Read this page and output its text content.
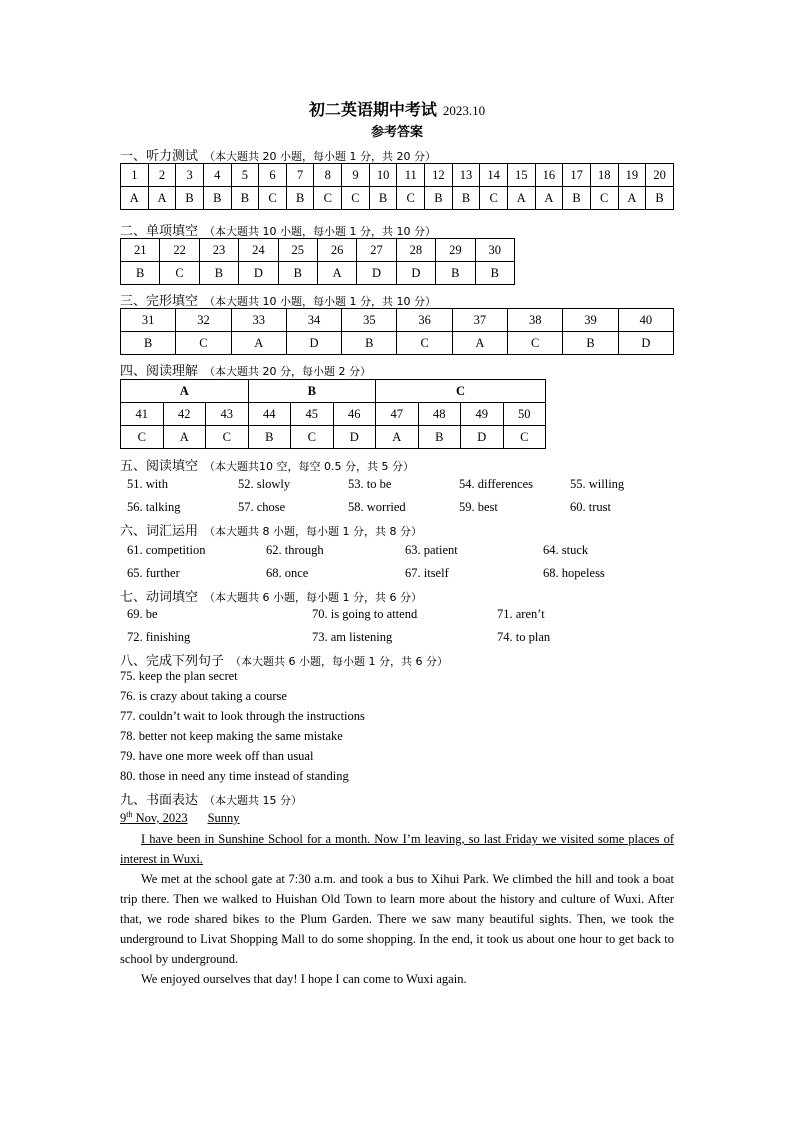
初二英语期中考试 2023.10
参考答案
一、听力测试 （本大题共 20 小题，每小题 1 分，共 20 分）
1	2	3	4	5	6	7	8	9	10	11	12	13	14	15	16	17	18	19	20
A	A	B	B	B	C	B	C	C	B	C	B	B	C	A	A	B	C	A	B
二、单项填空 （本大题共 10 小题，每小题 1 分，共 10 分）
21	22	23	24	25	26	27	28	29	30
B	C	B	D	B	A	D	D	B	B
三、完形填空 （本大题共 10 小题，每小题 1 分，共 10 分）
31	32	33	34	35	36	37	38	39	40
B	C	A	D	B	C	A	C	B	D
四、阅读理解 （本大题共 20 分，每小题 2 分）
A			B			C			
41	42	43	44	45	46	47	48	49	50
C	A	C	B	C	D	A	B	D	C
五、阅读填空 （本大题共10 空，每空 0.5 分，共 5 分）
51. with	52. slowly	53. to be	54. differences	55. willing
56. talking	57. chose	58. worried	59. best	60. trust
六、词汇运用 （本大题共 8 小题，每小题 1 分，共 8 分）
61. competition	62. through	63. patient	64. stuck
65. further	68. once	67. itself	68. hopeless
七、动词填空 （本大题共 6 小题，每小题 1 分，共 6 分）
69. be	70. is going to attend	71. aren’t
72. finishing	73. am listening	74. to plan
八、完成下列句子 （本大题共 6 小题，每小题 1 分，共 6 分）
75. keep the plan secret
76. is crazy about taking a course
77. couldn’t wait to look through the instructions
78. better not keep making the same mistake
79. have one more week off than usual
80. those in need any time instead of standing
九、书面表达 （本大题共 15 分）
9th Nov, 2023 Sunny

I have been in Sunshine School for a month. Now I’m leaving, so last Friday we visited some places of interest in Wuxi.

We met at the school gate at 7:30 a.m. and took a bus to Xihui Park. We climbed the hill and took a boat trip there. Then we walked to Huishan Old Town to learn more about the history and culture of Wuxi. After that, we rode shared bikes to the Plum Garden. There we saw many beautiful sights. Then, we took the underground to Livat Shopping Mall to do some shopping. In the end, it took us about one hour to get back to school by underground.

We enjoyed ourselves that day! I hope I can come to Wuxi again.
